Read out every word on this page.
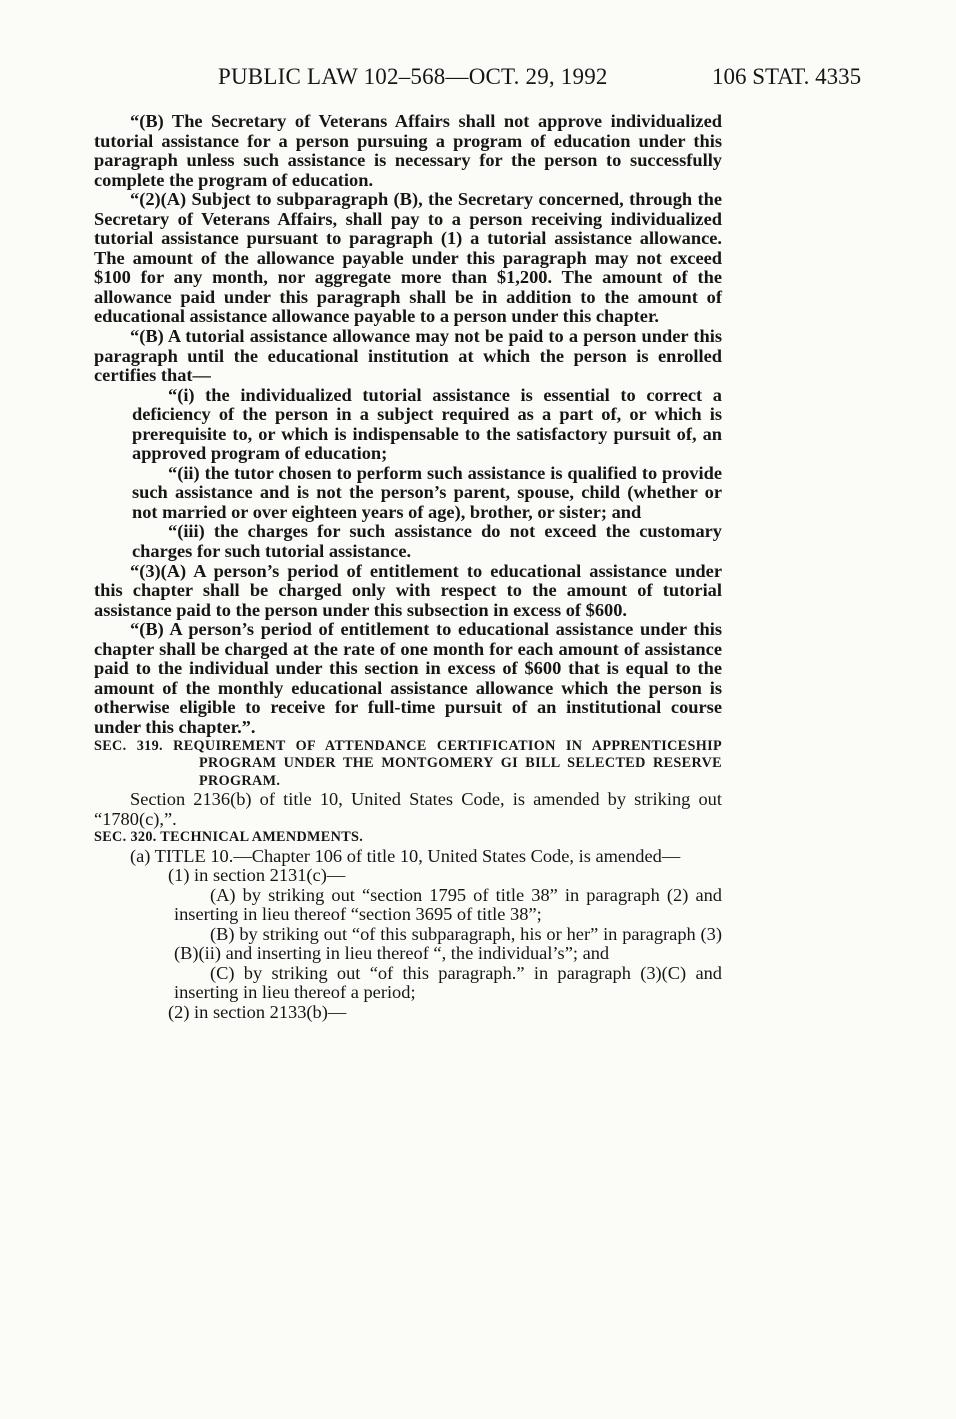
PUBLIC LAW 102–568—OCT. 29, 1992	106 STAT. 4335

“(B) The Secretary of Veterans Affairs shall not approve individualized tutorial assistance for a person pursuing a program of education under this paragraph unless such assistance is necessary for the person to successfully complete the program of education.

“(2)(A) Subject to subparagraph (B), the Secretary concerned, through the Secretary of Veterans Affairs, shall pay to a person receiving individualized tutorial assistance pursuant to paragraph (1) a tutorial assistance allowance. The amount of the allowance payable under this paragraph may not exceed $100 for any month, nor aggregate more than $1,200. The amount of the allowance paid under this paragraph shall be in addition to the amount of educational assistance allowance payable to a person under this chapter.

“(B) A tutorial assistance allowance may not be paid to a person under this paragraph until the educational institution at which the person is enrolled certifies that—

“(i) the individualized tutorial assistance is essential to correct a deficiency of the person in a subject required as a part of, or which is prerequisite to, or which is indispensable to the satisfactory pursuit of, an approved program of education;

“(ii) the tutor chosen to perform such assistance is qualified to provide such assistance and is not the person’s parent, spouse, child (whether or not married or over eighteen years of age), brother, or sister; and

“(iii) the charges for such assistance do not exceed the customary charges for such tutorial assistance.

“(3)(A) A person’s period of entitlement to educational assistance under this chapter shall be charged only with respect to the amount of tutorial assistance paid to the person under this subsection in excess of $600.

“(B) A person’s period of entitlement to educational assistance under this chapter shall be charged at the rate of one month for each amount of assistance paid to the individual under this section in excess of $600 that is equal to the amount of the monthly educational assistance allowance which the person is otherwise eligible to receive for full-time pursuit of an institutional course under this chapter.”.

SEC. 319. REQUIREMENT OF ATTENDANCE CERTIFICATION IN APPRENTICESHIP PROGRAM UNDER THE MONTGOMERY GI BILL SELECTED RESERVE PROGRAM.

Section 2136(b) of title 10, United States Code, is amended by striking out “1780(c),”.

SEC. 320. TECHNICAL AMENDMENTS.

(a) TITLE 10.—Chapter 106 of title 10, United States Code, is amended—

(1) in section 2131(c)—

(A) by striking out “section 1795 of title 38” in paragraph (2) and inserting in lieu thereof “section 3695 of title 38”;

(B) by striking out “of this subparagraph, his or her” in paragraph (3)(B)(ii) and inserting in lieu thereof “, the individual’s”; and

(C) by striking out “of this paragraph.” in paragraph (3)(C) and inserting in lieu thereof a period;

(2) in section 2133(b)—
